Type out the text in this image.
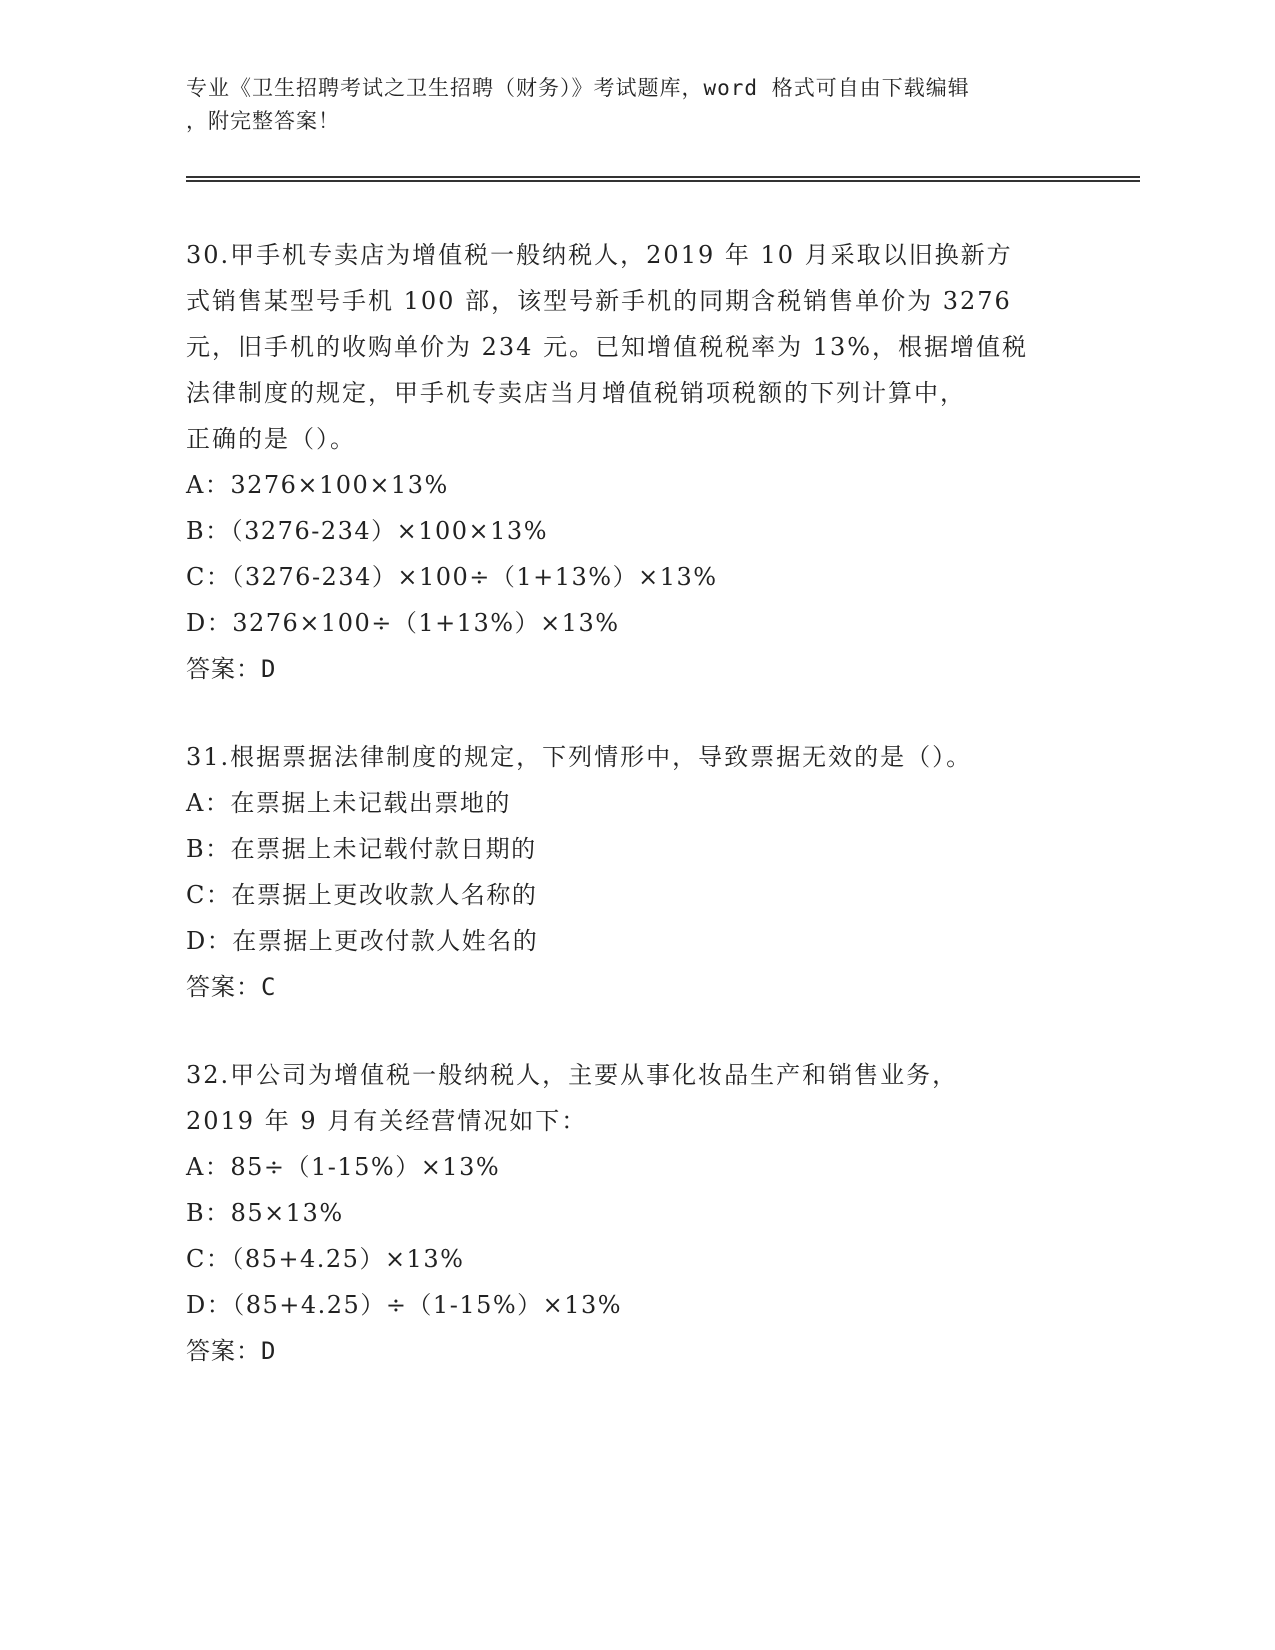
专业《卫生招聘考试之卫生招聘（财务）》考试题库，word 格式可自由下载编辑
，附完整答案！
30.甲手机专卖店为增值税一般纳税人，2019 年 10 月采取以旧换新方
式销售某型号手机 100 部，该型号新手机的同期含税销售单价为 3276
元，旧手机的收购单价为 234 元。已知增值税税率为 13%，根据增值税
法律制度的规定，甲手机专卖店当月增值税销项税额的下列计算中，
正确的是（）。
A：3276×100×13%
B：（3276-234）×100×13%
C：（3276-234）×100÷（1+13%）×13%
D：3276×100÷（1+13%）×13%
答案：D
31.根据票据法律制度的规定，下列情形中，导致票据无效的是（）。
A：在票据上未记载出票地的
B：在票据上未记载付款日期的
C：在票据上更改收款人名称的
D：在票据上更改付款人姓名的
答案：C
32.甲公司为增值税一般纳税人，主要从事化妆品生产和销售业务，
2019 年 9 月有关经营情况如下：
A：85÷（1-15%）×13%
B：85×13%
C：（85+4.25）×13%
D：（85+4.25）÷（1-15%）×13%
答案：D
